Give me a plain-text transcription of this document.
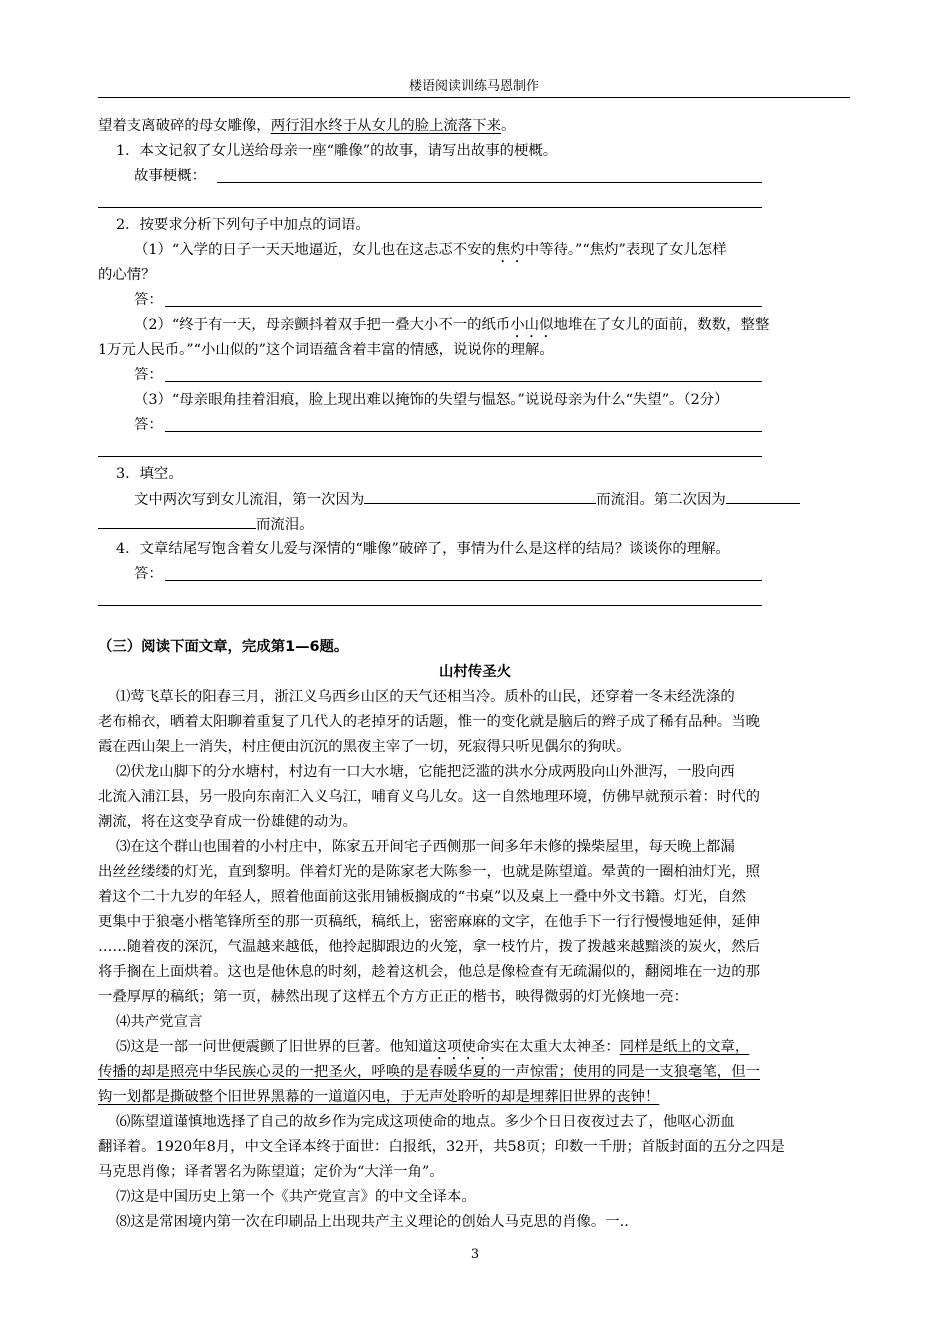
楼语阅读训练马恩制作
望着支离破碎的母女雕像，两行泪水终于从女儿的脸上流落下来。
1．本文记叙了女儿送给母亲一座“雕像”的故事，请写出故事的梗概。
故事梗概：
2．按要求分析下列句子中加点的词语。
（1）“入学的日子一天天地逼近，女儿也在这忐忑不安的焦灼中等待。”“焦灼”表现了女儿怎样
的心情？
答：
（2）“终于有一天，母亲颤抖着双手把一叠大小不一的纸币小山似地堆在了女儿的面前，数数，整整
1万元人民币。”“小山似的”这个词语蕴含着丰富的情感，说说你的理解。
答：
（3）“母亲眼角挂着泪痕，脸上现出难以掩饰的失望与愠怒。”说说母亲为什么“失望”。（2分）
答：
3．填空。
文中两次写到女儿流泪，第一次因为	而流泪。第二次因为
而流泪。
4．文章结尾写饱含着女儿爱与深情的“雕像”破碎了，事情为什么是这样的结局？谈谈你的理解。
答：
（三）阅读下面文章，完成第1—6题。
山村传圣火
⑴莺飞草长的阳春三月，浙江义乌西乡山区的天气还相当冷。质朴的山民，还穿着一冬未经洗涤的
老布棉衣，晒着太阳聊着重复了几代人的老掉牙的话题，惟一的变化就是脑后的辫子成了稀有品种。当晚
霞在西山架上一消失，村庄便由沉沉的黑夜主宰了一切，死寂得只听见偶尔的狗吠。
⑵伏龙山脚下的分水塘村，村边有一口大水塘，它能把泛滥的洪水分成两股向山外泄泻，一股向西
北流入浦江县，另一股向东南汇入义乌江，哺育义乌儿女。这一自然地理环境，仿佛早就预示着：时代的
潮流，将在这变孕育成一份雄健的动为。
⑶在这个群山也围着的小村庄中，陈家五开间宅子西侧那一间多年未修的操柴屋里，每天晚上都漏
出丝丝缕缕的灯光，直到黎明。伴着灯光的是陈家老大陈参一，也就是陈望道。晕黄的一圈柏油灯光，照
着这个二十九岁的年轻人，照着他面前这张用铺板搁成的“书桌”以及桌上一叠中外文书籍。灯光，自然
更集中于狼毫小楷笔锋所至的那一页稿纸，稿纸上，密密麻麻的文字，在他手下一行行慢慢地延伸，延伸
……随着夜的深沉，气温越来越低，他拎起脚跟边的火笼，拿一枝竹片，拨了拨越来越黯淡的炭火，然后
将手搁在上面烘着。这也是他休息的时刻，趁着这机会，他总是像检查有无疏漏似的，翻阅堆在一边的那
一叠厚厚的稿纸；第一页，赫然出现了这样五个方方正正的楷书，映得微弱的灯光倏地一亮：
⑷共产党宣言
⑸这是一部一问世便震颤了旧世界的巨著。他知道这项使命实在太重大太神圣：同样是纸上的文章，
传播的却是照亮中华民族心灵的一把圣火，呼唤的是春暖华夏的一声惊雷；使用的同是一支狼毫笔，但一
钩一划都是撕破整个旧世界黑幕的一道道闪电，于无声处聆听的却是埋葬旧世界的丧钟！
⑹陈望道谨慎地选择了自己的故乡作为完成这项使命的地点。多少个日日夜夜过去了，他呕心沥血
翻译着。1920年8月，中文全译本终于面世：白报纸，32开，共58页；印数一千册；首版封面的五分之四是
马克思肖像；译者署名为陈望道；定价为“大洋一角”。
⑺这是中国历史上第一个《共产党宣言》的中文全译本。
⑻这是常困境内第一次在印刷品上出现共产主义理论的创始人马克思的肖像。一..
3
